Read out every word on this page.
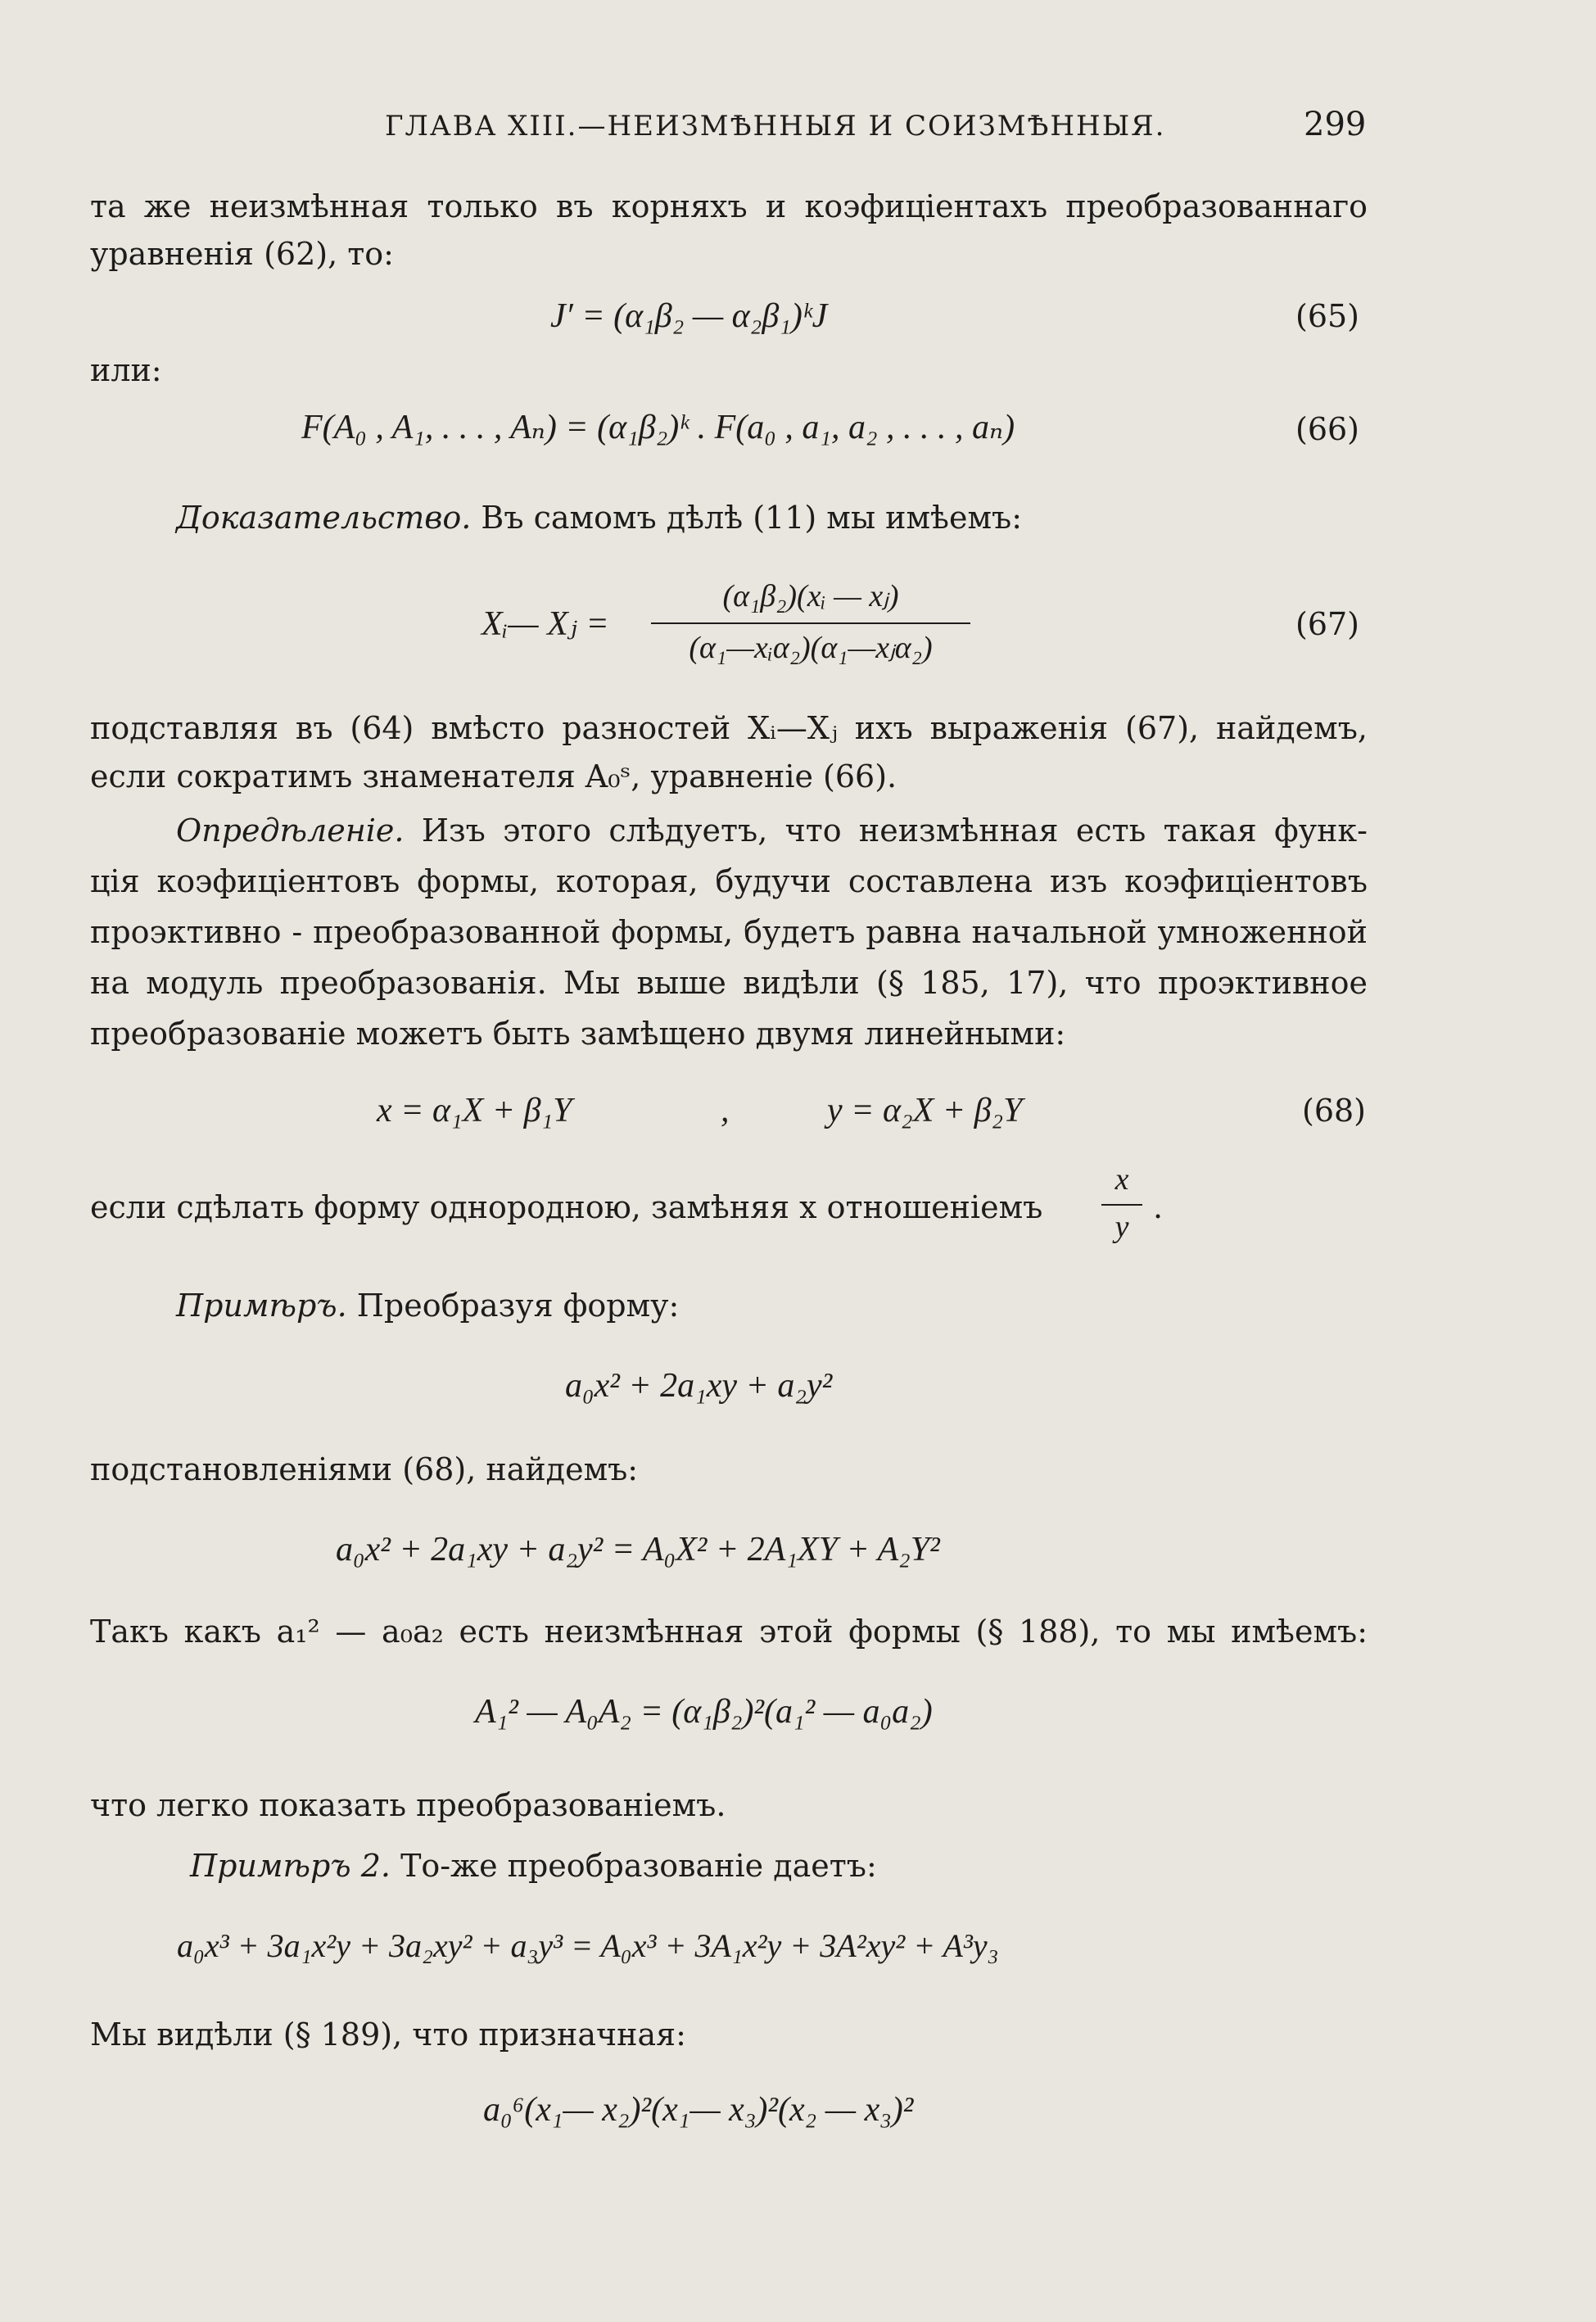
ГЛАВА XIII.—НЕИЗМѢННЫЯ И СОИЗМѢННЫЯ.	299
та же неизмѣнная только въ корняхъ и коэфиціентахъ преобразованнаго
уравненія (62), то:
J′ = (α₁β₂ — α₂β₁)ᵏJ	(65)
или:
F(A₀ , A₁, . . . , Aₙ) = (α₁β₂)ᵏ . F(a₀ , a₁, a₂ , . . . , aₙ)	(66)
Доказательство. Въ самомъ дѣлѣ (11) мы имѣемъ:
Xᵢ— Xⱼ =
(α₁β₂)(xᵢ — xⱼ)
(α₁—xᵢα₂)(α₁—xⱼα₂)
(67)
подставляя въ (64) вмѣсто разностей Xᵢ—Xⱼ ихъ выраженія (67), найдемъ,
если сократимъ знаменателя A₀ˢ, уравненіе (66).
Опредѣленіе. Изъ этого слѣдуетъ, что неизмѣнная есть такая функ-
ція коэфиціентовъ формы, которая, будучи составлена изъ коэфиціентовъ
проэктивно - преобразованной формы, будетъ равна начальной умноженной
на модуль преобразованія. Мы выше видѣли (§ 185, 17), что проэктивное
преобразованіе можетъ быть замѣщено двумя линейными:
x = α₁X + β₁Y	,	y = α₂X + β₂Y	(68)
если сдѣлать форму однородною, замѣняя x отношеніемъ
x
y
.
Примѣръ. Преобразуя форму:
a₀x² + 2a₁xy + a₂y²
подстановленіями (68), найдемъ:
a₀x² + 2a₁xy + a₂y² = A₀X² + 2A₁XY + A₂Y²
Такъ какъ a₁² — a₀a₂ есть неизмѣнная этой формы (§ 188), то мы имѣемъ:
A₁² — A₀A₂ = (α₁β₂)²(a₁² — a₀a₂)
что легко показать преобразованіемъ.
Примѣръ 2. То-же преобразованіе даетъ:
a₀x³ + 3a₁x²y + 3a₂xy² + a₃y³ = A₀x³ + 3A₁x²y + 3A²xy² + A³y₃
Мы видѣли (§ 189), что призначная:
a₀⁶(x₁— x₂)²(x₁— x₃)²(x₂ — x₃)²
